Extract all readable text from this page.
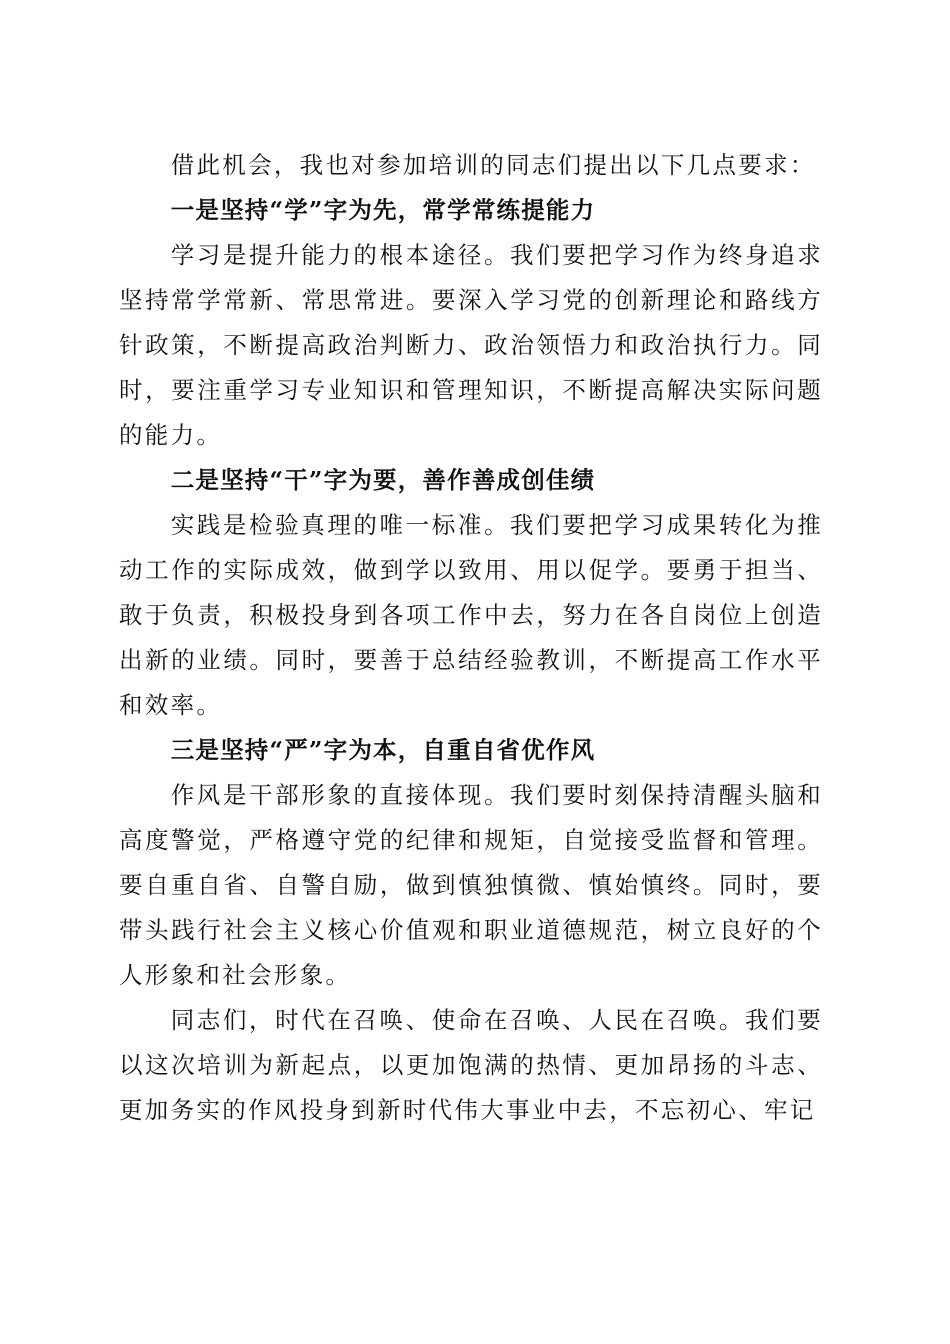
借此机会，我也对参加培训的同志们提出以下几点要求：

一是坚持“学”字为先，常学常练提能力

学习是提升能力的根本途径。我们要把学习作为终身追求坚持常学常新、常思常进。要深入学习党的创新理论和路线方针政策，不断提高政治判断力、政治领悟力和政治执行力。同时，要注重学习专业知识和管理知识，不断提高解决实际问题的能力。

二是坚持“干”字为要，善作善成创佳绩

实践是检验真理的唯一标准。我们要把学习成果转化为推动工作的实际成效，做到学以致用、用以促学。要勇于担当、敢于负责，积极投身到各项工作中去，努力在各自岗位上创造出新的业绩。同时，要善于总结经验教训，不断提高工作水平和效率。

三是坚持“严”字为本，自重自省优作风

作风是干部形象的直接体现。我们要时刻保持清醒头脑和高度警觉，严格遵守党的纪律和规矩，自觉接受监督和管理。要自重自省、自警自励，做到慎独慎微、慎始慎终。同时，要带头践行社会主义核心价值观和职业道德规范，树立良好的个人形象和社会形象。

同志们，时代在召唤、使命在召唤、人民在召唤。我们要以这次培训为新起点，以更加饱满的热情、更加昂扬的斗志、更加务实的作风投身到新时代伟大事业中去，不忘初心、牢记
